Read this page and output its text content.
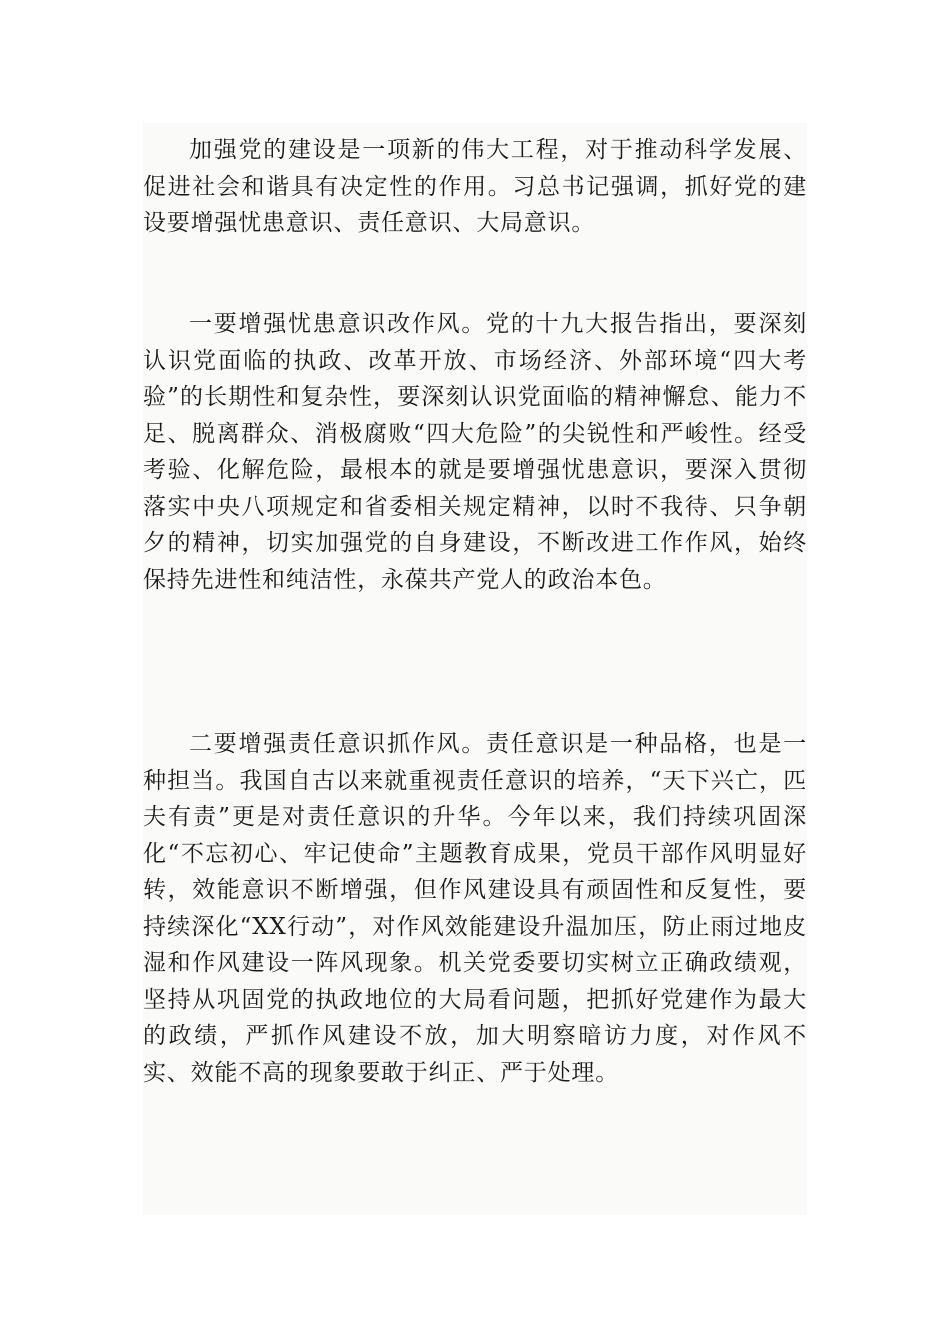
加强党的建设是一项新的伟大工程，对于推动科学发展、促进社会和谐具有决定性的作用。习总书记强调，抓好党的建设要增强忧患意识、责任意识、大局意识。

一要增强忧患意识改作风。党的十九大报告指出，要深刻认识党面临的执政、改革开放、市场经济、外部环境“四大考验”的长期性和复杂性，要深刻认识党面临的精神懈怠、能力不足、脱离群众、消极腐败“四大危险”的尖锐性和严峻性。经受考验、化解危险，最根本的就是要增强忧患意识，要深入贯彻落实中央八项规定和省委相关规定精神，以时不我待、只争朝夕的精神，切实加强党的自身建设，不断改进工作作风，始终保持先进性和纯洁性，永葆共产党人的政治本色。

二要增强责任意识抓作风。责任意识是一种品格，也是一种担当。我国自古以来就重视责任意识的培养，“天下兴亡，匹夫有责”更是对责任意识的升华。今年以来，我们持续巩固深化“不忘初心、牢记使命”主题教育成果，党员干部作风明显好转，效能意识不断增强，但作风建设具有顽固性和反复性，要持续深化“XX行动”，对作风效能建设升温加压，防止雨过地皮湿和作风建设一阵风现象。机关党委要切实树立正确政绩观，坚持从巩固党的执政地位的大局看问题，把抓好党建作为最大的政绩，严抓作风建设不放，加大明察暗访力度，对作风不实、效能不高的现象要敢于纠正、严于处理。
